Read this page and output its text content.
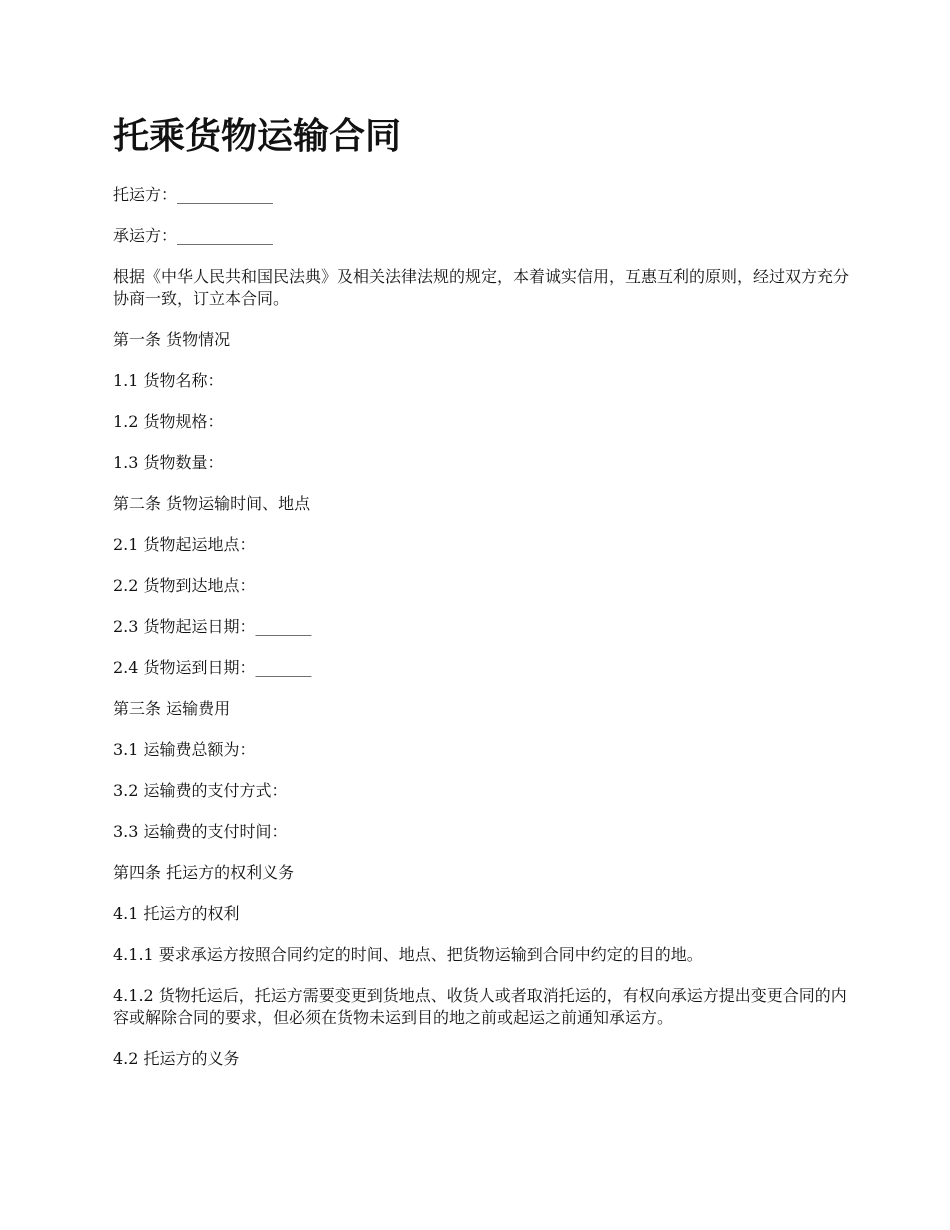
托乘货物运输合同

托运方：____________

承运方：____________

根据《中华人民共和国民法典》及相关法律法规的规定，本着诚实信用，互惠互利的原则，经过双方充分协商一致，订立本合同。

第一条 货物情况

1.1 货物名称：

1.2 货物规格：

1.3 货物数量：

第二条 货物运输时间、地点

2.1 货物起运地点：

2.2 货物到达地点：

2.3 货物起运日期：_______

2.4 货物运到日期：_______

第三条 运输费用

3.1 运输费总额为：

3.2 运输费的支付方式：

3.3 运输费的支付时间：

第四条 托运方的权利义务

4.1 托运方的权利

4.1.1 要求承运方按照合同约定的时间、地点、把货物运输到合同中约定的目的地。

4.1.2 货物托运后，托运方需要变更到货地点、收货人或者取消托运的，有权向承运方提出变更合同的内容或解除合同的要求，但必须在货物未运到目的地之前或起运之前通知承运方。

4.2 托运方的义务
